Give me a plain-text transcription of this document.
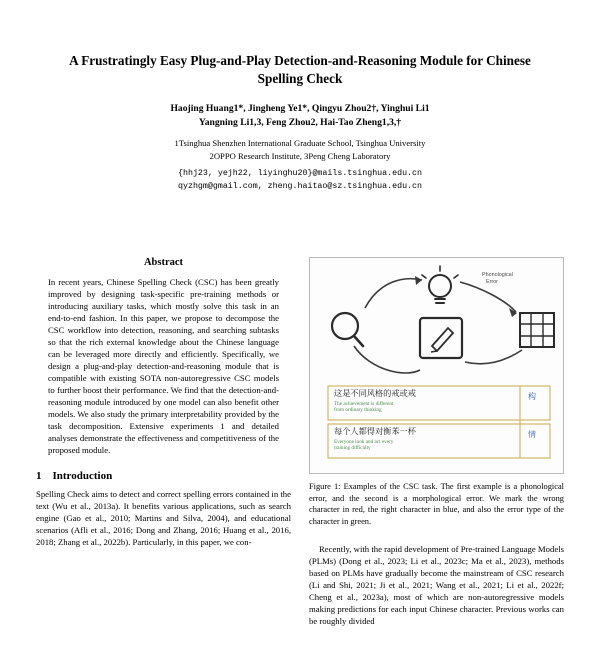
A Frustratingly Easy Plug-and-Play Detection-and-Reasoning Module for Chinese Spelling Check
Haojing Huang1*, Jingheng Ye1*, Qingyu Zhou2†, Yinghui Li1
Yangning Li1,3, Feng Zhou2, Hai-Tao Zheng1,3,†
1Tsinghua Shenzhen International Graduate School, Tsinghua University
2OPPO Research Institute, 3Peng Cheng Laboratory
{hhj23, yejh22, liyinghu20}@mails.tsinghua.edu.cn
qyzhgm@gmail.com, zheng.haitao@sz.tsinghua.edu.cn
Abstract

In recent years, Chinese Spelling Check (CSC) has been greatly improved by designing task-specific pre-training methods or introducing auxiliary tasks, which mostly solve this task in an end-to-end fashion. In this paper, we propose to decompose the CSC workflow into detection, reasoning, and searching subtasks so that the rich external knowledge about the Chinese language can be leveraged more directly and efficiently. Specifically, we design a plug-and-play detection-and-reasoning module that is compatible with existing SOTA non-autoregressive CSC models to further boost their performance. We find that the detection-and-reasoning module introduced by one model can also benefit other models. We also study the primary interpretability provided by the task decomposition. Extensive experiments 1 and detailed analyses demonstrate the effectiveness and competitiveness of the proposed module.

1 Introduction

Spelling Check aims to detect and correct spelling errors contained in the text (Wu et al., 2013a). It benefits various applications, such as search engine (Gao et al., 2010; Martins and Silva, 2004), and educational scenarios (Afli et al., 2016; Dong and Zhang, 2016; Huang et al., 2016, 2018; Zhang et al., 2022b). Particularly, in this paper, we con-

Phonological
Error
这是不同风格的戒或戒
The achievement is different
from ordinary thinking
构
每个人都得对衡苯一杯
Everyone look and act every
training difficulty
情
Figure 1: Examples of the CSC task. The first example is a phonological error, and the second is a morphological error. We mark the wrong character in red, the right character in blue, and also the error type of the character in green.

Recently, with the rapid development of Pre-trained Language Models (PLMs) (Dong et al., 2023; Li et al., 2023c; Ma et al., 2023), methods based on PLMs have gradually become the mainstream of CSC research (Li and Shi, 2021; Ji et al., 2021; Wang et al., 2021; Li et al., 2022f; Cheng et al., 2023a), most of which are non-autoregressive models making predictions for each input Chinese character. Previous works can be roughly divided
